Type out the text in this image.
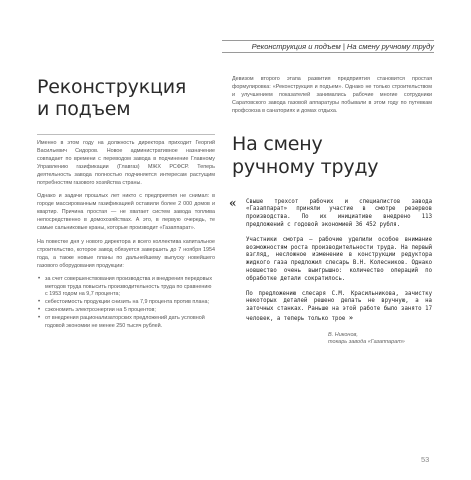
Реконструкция и подъем | На смену ручному труду
Реконструкция
и подъем
Именно в этом году на должность директора приходит Георгий Васильевич Сидоров. Новое административное назначение совпадает по времени с переводом завода в подчинение Главному Управлению газификации (Главгаз) МЖХ РСФСР. Теперь деятельность завода полностью подчиняется интересам растущим потребностям газового хозяйства страны.
Однако и задачи прошлых лет никто с предприятия не снимал: в городе массированным газификацией оставили более 2 000 домов и квартир. Причина простая — не хватает систем завода топлива непосредственно в домохозяйствах. А это, в первую очередь, те самые сальниковые краны, которые производит «Газаппарат».
На повестке дня у нового директора и всего коллектива капитальное строительство, которое завод обязуется завершить до 7 ноября 1954 года, а также новые планы по дальнейшему выпуску новейшего газового оборудования продукции:
• за счет совершенствования производства и внедрения передовых методов труда повысить производительность труда по сравнению с 1953 годом на 9,7 процента;
• себестоимость продукции снизить на 7,9 процента против плана;
• сэкономить электроэнергии на 5 процентов;
• от внедрения рационализаторских предложений дать условной годовой экономии не менее 250 тысяч рублей.
Девизом второго этапа развития предприятия становится простая формулировка: «Реконструкция и подъем». Однако не только строительством и улучшением показателей занимались рабочие многие сотрудники Саратовского завода газовой аппаратуры побывали в этом году по путевкам профсоюза в санаториях и домах отдыха.
На смену
ручному труду
« Свыше трехсот рабочих и специалистов завода «Газаппарат» приняли участие в смотре резервов производства. По их инициативе внедрено 113 предложений с годовой экономией 36 452 рубля.
Участники смотра — рабочие уделили особое внимание возможностям роста производительности труда. На первый взгляд, несложное изменение в конструкции редуктора жидкого газа предложил слесарь В.Н. Колесников. Однако новшество очень выигрышно: количество операций по обработке детали сократилось.
По предложению слесаря С.М. Красильникова, зачистку некоторых деталей решено делать не вручную, а на заточных станках. Раньше на этой работе было занято 17 человек, а теперь только трое »
В. Никонов,
токарь завода «Газаппарат»
53
